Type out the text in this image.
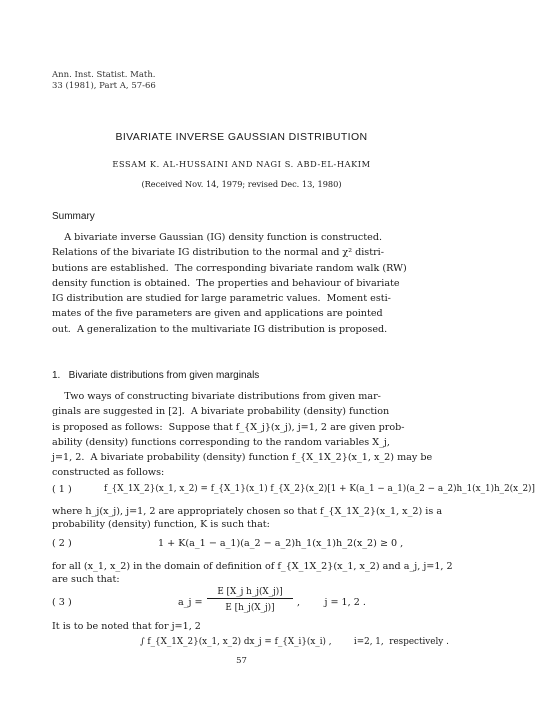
Ann. Inst. Statist. Math.
33 (1981), Part A, 57-66
BIVARIATE INVERSE GAUSSIAN DISTRIBUTION
ESSAM K. AL-HUSSAINI AND NAGI S. ABD-EL-HAKIM
(Received Nov. 14, 1979; revised Dec. 13, 1980)
Summary

A bivariate inverse Gaussian (IG) density function is constructed.

Relations of the bivariate IG distribution to the normal and χ² distri-

butions are established.  The corresponding bivariate random walk (RW)

density function is obtained.  The properties and behaviour of bivariate

IG distribution are studied for large parametric values.  Moment esti-

mates of the five parameters are given and applications are pointed

out.  A generalization to the multivariate IG distribution is proposed.

1.   Bivariate distributions from given marginals

Two ways of constructing bivariate distributions from given mar-

ginals are suggested in [2].  A bivariate probability (density) function

is proposed as follows:  Suppose that f_{X_j}(x_j), j=1, 2 are given prob-

ability (density) functions corresponding to the random variables X_j,

j=1, 2.  A bivariate probability (density) function f_{X_1X_2}(x_1, x_2) may be

constructed as follows:

( 1 )	f_{X_1X_2}(x_1, x_2) = f_{X_1}(x_1) f_{X_2}(x_2)[1 + K(a_1 − a_1)(a_2 − a_2)h_1(x_1)h_2(x_2)]
where h_j(x_j), j=1, 2 are appropriately chosen so that f_{X_1X_2}(x_1, x_2) is a
probability (density) function, K is such that:
( 2 )	1 + K(a_1 − a_1)(a_2 − a_2)h_1(x_1)h_2(x_2) ≥ 0 ,
for all (x_1, x_2) in the domain of definition of f_{X_1X_2}(x_1, x_2) and a_j, j=1, 2
are such that:
( 3 )	a_j =
E [X_j h_j(X_j)]
E [h_j(X_j)]	,        j = 1, 2 .
It is to be noted that for j=1, 2
∫ f_{X_1X_2}(x_1, x_2) dx_j = f_{X_i}(x_i) ,        i=2, 1,  respectively .
57
